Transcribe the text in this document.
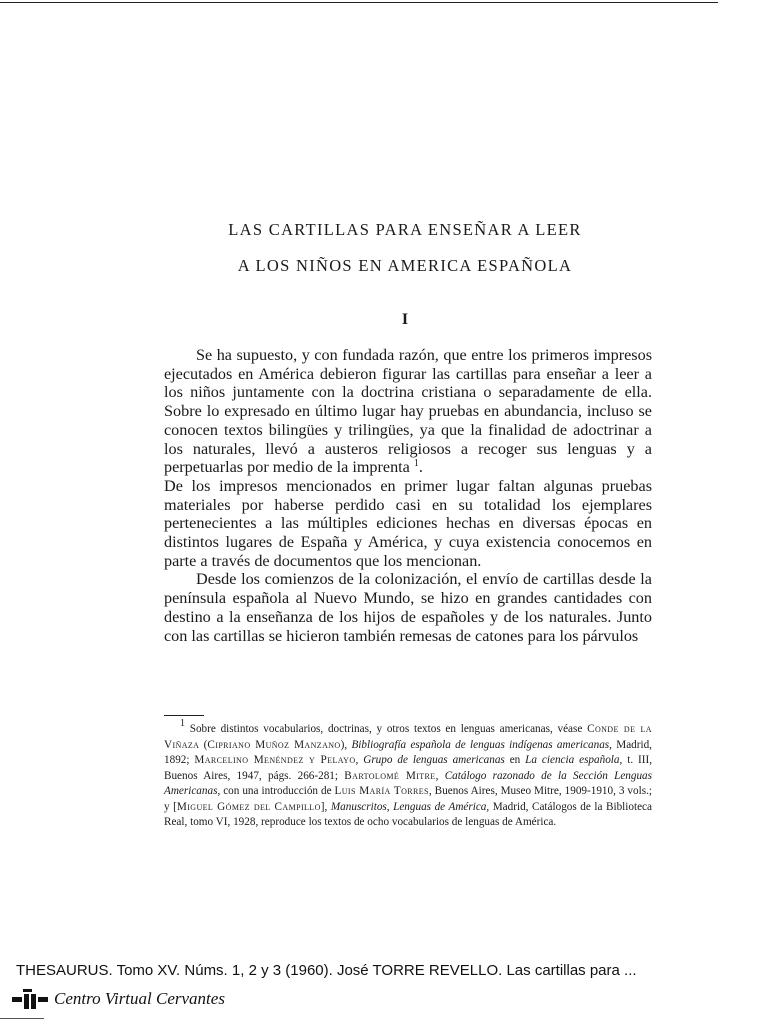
LAS CARTILLAS PARA ENSEÑAR A LEER
A LOS NIÑOS EN AMERICA ESPAÑOLA
I

Se ha supuesto, y con fundada razón, que entre los primeros impresos ejecutados en América debieron figurar las cartillas para enseñar a leer a los niños juntamente con la doctrina cristiana o separadamente de ella. Sobre lo expresado en último lugar hay pruebas en abundancia, incluso se conocen textos bilingües y trilingües, ya que la finalidad de adoctrinar a los naturales, llevó a austeros religiosos a recoger sus lenguas y a perpetuarlas por medio de la imprenta $^1$.

De los impresos mencionados en primer lugar faltan algunas pruebas materiales por haberse perdido casi en su totalidad los ejemplares pertenecientes a las múltiples ediciones hechas en diversas épocas en distintos lugares de España y América, y cuya existencia conocemos en parte a través de documentos que los mencionan.

Desde los comienzos de la colonización, el envío de cartillas desde la península española al Nuevo Mundo, se hizo en grandes cantidades con destino a la enseñanza de los hijos de españoles y de los naturales. Junto con las cartillas se hicieron también remesas de catones para los párvulos

$^1$ Sobre distintos vocabularios, doctrinas, y otros textos en lenguas americanas, véase Conde de la Viñaza (Cipriano Muñoz Manzano), Bibliografía española de lenguas indígenas americanas, Madrid, 1892; Marcelino Menéndez y Pelayo, Grupo de lenguas americanas en La ciencia española, t. III, Buenos Aires, 1947, págs. 266-281; Bartolomé Mitre, Catálogo razonado de la Sección Lenguas Americanas, con una introducción de Luis María Torres, Buenos Aires, Museo Mitre, 1909-1910, 3 vols.; y [Miguel Gómez del Campillo], Manuscritos, Lenguas de América, Madrid, Catálogos de la Biblioteca Real, tomo VI, 1928, reproduce los textos de ocho vocabularios de lenguas de América.

THESAURUS. Tomo XV. Núms. 1, 2 y 3 (1960). José TORRE REVELLO. Las cartillas para ...
Centro Virtual Cervantes
